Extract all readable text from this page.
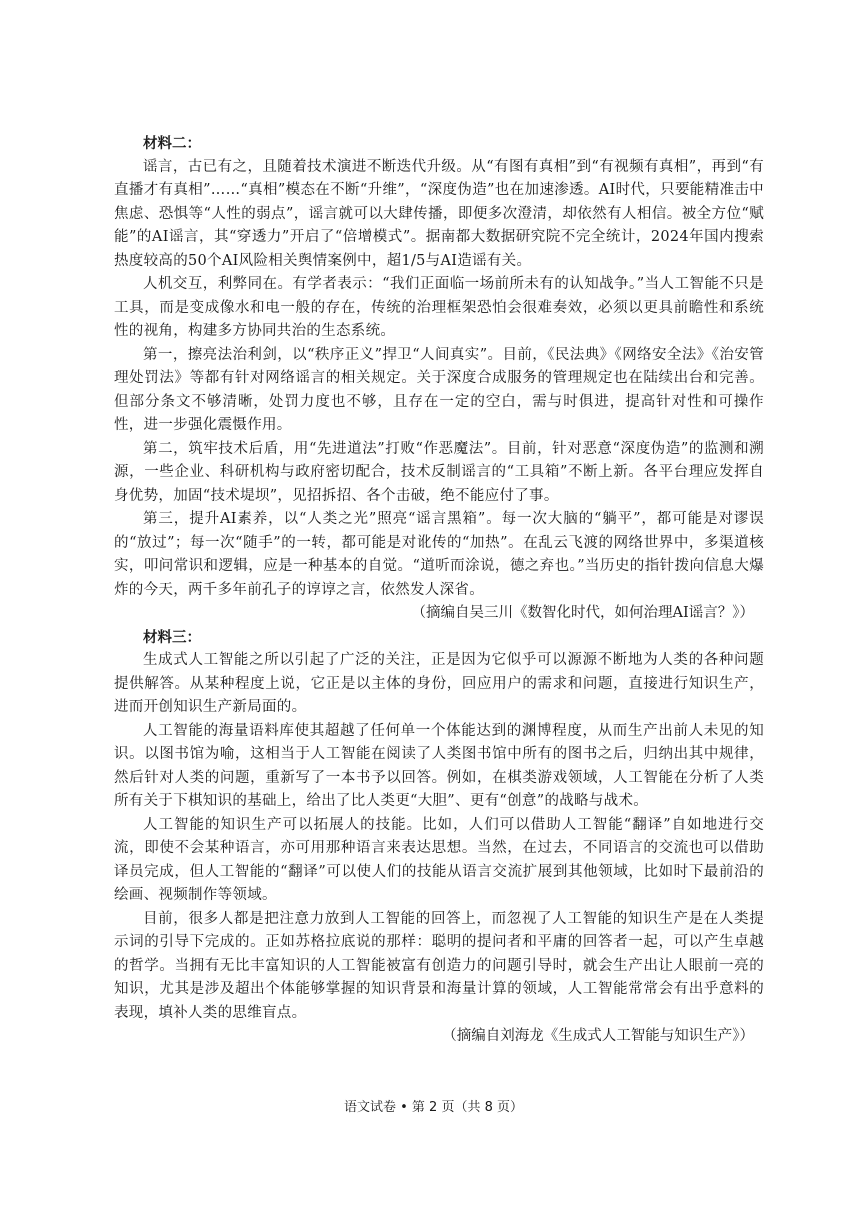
材料二：

谣言，古已有之，且随着技术演进不断迭代升级。从“有图有真相”到“有视频有真相”，再到“有直播才有真相”……“真相”模态在不断“升维”，“深度伪造”也在加速渗透。AI时代，只要能精准击中焦虑、恐惧等“人性的弱点”，谣言就可以大肆传播，即便多次澄清，却依然有人相信。被全方位“赋能”的AI谣言，其“穿透力”开启了“倍增模式”。据南都大数据研究院不完全统计，2024年国内搜索热度较高的50个AI风险相关舆情案例中，超1/5与AI造谣有关。

人机交互，利弊同在。有学者表示：“我们正面临一场前所未有的认知战争。”当人工智能不只是工具，而是变成像水和电一般的存在，传统的治理框架恐怕会很难奏效，必须以更具前瞻性和系统性的视角，构建多方协同共治的生态系统。

第一，擦亮法治利剑，以“秩序正义”捍卫“人间真实”。目前，《民法典》《网络安全法》《治安管理处罚法》等都有针对网络谣言的相关规定。关于深度合成服务的管理规定也在陆续出台和完善。但部分条文不够清晰，处罚力度也不够，且存在一定的空白，需与时俱进，提高针对性和可操作性，进一步强化震慑作用。

第二，筑牢技术后盾，用“先进道法”打败“作恶魔法”。目前，针对恶意“深度伪造”的监测和溯源，一些企业、科研机构与政府密切配合，技术反制谣言的“工具箱”不断上新。各平台理应发挥自身优势，加固“技术堤坝”，见招拆招、各个击破，绝不能应付了事。

第三，提升AI素养，以“人类之光”照亮“谣言黑箱”。每一次大脑的“躺平”，都可能是对谬误的“放过”；每一次“随手”的一转，都可能是对讹传的“加热”。在乱云飞渡的网络世界中，多渠道核实，叩问常识和逻辑，应是一种基本的自觉。“道听而涂说，德之弃也。”当历史的指针拨向信息大爆炸的今天，两千多年前孔子的谆谆之言，依然发人深省。

（摘编自吴三川《数智化时代，如何治理AI谣言？》）

材料三：

生成式人工智能之所以引起了广泛的关注，正是因为它似乎可以源源不断地为人类的各种问题提供解答。从某种程度上说，它正是以主体的身份，回应用户的需求和问题，直接进行知识生产，进而开创知识生产新局面的。

人工智能的海量语料库使其超越了任何单一个体能达到的渊博程度，从而生产出前人未见的知识。以图书馆为喻，这相当于人工智能在阅读了人类图书馆中所有的图书之后，归纳出其中规律，然后针对人类的问题，重新写了一本书予以回答。例如，在棋类游戏领域，人工智能在分析了人类所有关于下棋知识的基础上，给出了比人类更“大胆”、更有“创意”的战略与战术。

人工智能的知识生产可以拓展人的技能。比如，人们可以借助人工智能“翻译”自如地进行交流，即使不会某种语言，亦可用那种语言来表达思想。当然，在过去，不同语言的交流也可以借助译员完成，但人工智能的“翻译”可以使人们的技能从语言交流扩展到其他领域，比如时下最前沿的绘画、视频制作等领域。

目前，很多人都是把注意力放到人工智能的回答上，而忽视了人工智能的知识生产是在人类提示词的引导下完成的。正如苏格拉底说的那样：聪明的提问者和平庸的回答者一起，可以产生卓越的哲学。当拥有无比丰富知识的人工智能被富有创造力的问题引导时，就会生产出让人眼前一亮的知识，尤其是涉及超出个体能够掌握的知识背景和海量计算的领域，人工智能常常会有出乎意料的表现，填补人类的思维盲点。

（摘编自刘海龙《生成式人工智能与知识生产》）

语文试卷 • 第 2 页（共 8 页）
